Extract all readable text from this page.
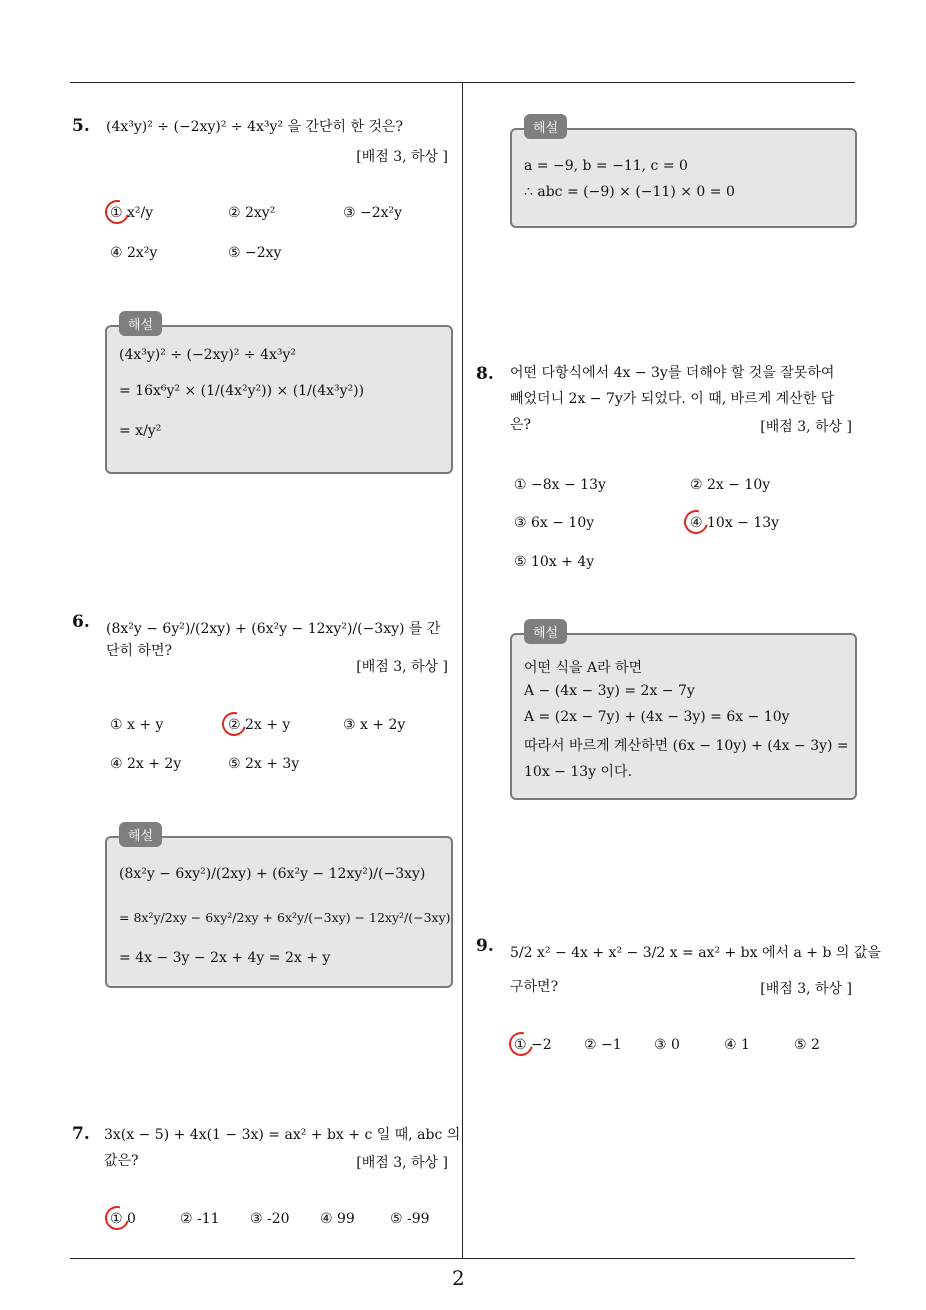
2
5. (4x³y)² ÷ (−2xy)² ÷ 4x³y² 을 간단히 한 것은?
[배점 3, 하상 ]
① x²/y	② 2xy²	③ −2x²y
④ 2x²y	⑤ −2xy
해설
(4x³y)² ÷ (−2xy)² ÷ 4x³y²
= 16x⁶y² × (1/(4x²y²)) × (1/(4x³y²))
= x/y²
6. (8x²y − 6y²)/(2xy) + (6x²y − 12xy²)/(−3xy) 를 간단히 하면?
[배점 3, 하상 ]
① x + y	② 2x + y	③ x + 2y
④ 2x + 2y	⑤ 2x + 3y
해설
(8x²y − 6xy²)/(2xy) + (6x²y − 12xy²)/(−3xy)
= 8x²y/2xy − 6xy²/2xy + 6x²y/(−3xy) − 12xy²/(−3xy)
= 4x − 3y − 2x + 4y = 2x + y
7. 3x(x − 5) + 4x(1 − 3x) = ax² + bx + c 일 때, abc 의
값은?	[배점 3, 하상 ]
① 0	② -11 ③ -20 ④ 99	⑤ -99
해설
a = −9, b = −11, c = 0
∴ abc = (−9) × (−11) × 0 = 0
8. 어떤 다항식에서 4x − 3y를 더해야 할 것을 잘못하여
빼었더니 2x − 7y가 되었다. 이 때, 바르게 계산한 답
은?	[배점 3, 하상 ]
① −8x − 13y	② 2x − 10y
③ 6x − 10y	④ 10x − 13y
⑤ 10x + 4y
해설
어떤 식을 A라 하면
A − (4x − 3y) = 2x − 7y
A = (2x − 7y) + (4x − 3y) = 6x − 10y
따라서 바르게 계산하면 (6x − 10y) + (4x − 3y) =
10x − 13y 이다.
9. 5/2 x² − 4x + x² − 3/2 x = ax² + bx 에서 a + b 의 값을
구하면?	[배점 3, 하상 ]
① −2 ② −1 ③ 0	④ 1	⑤ 2
